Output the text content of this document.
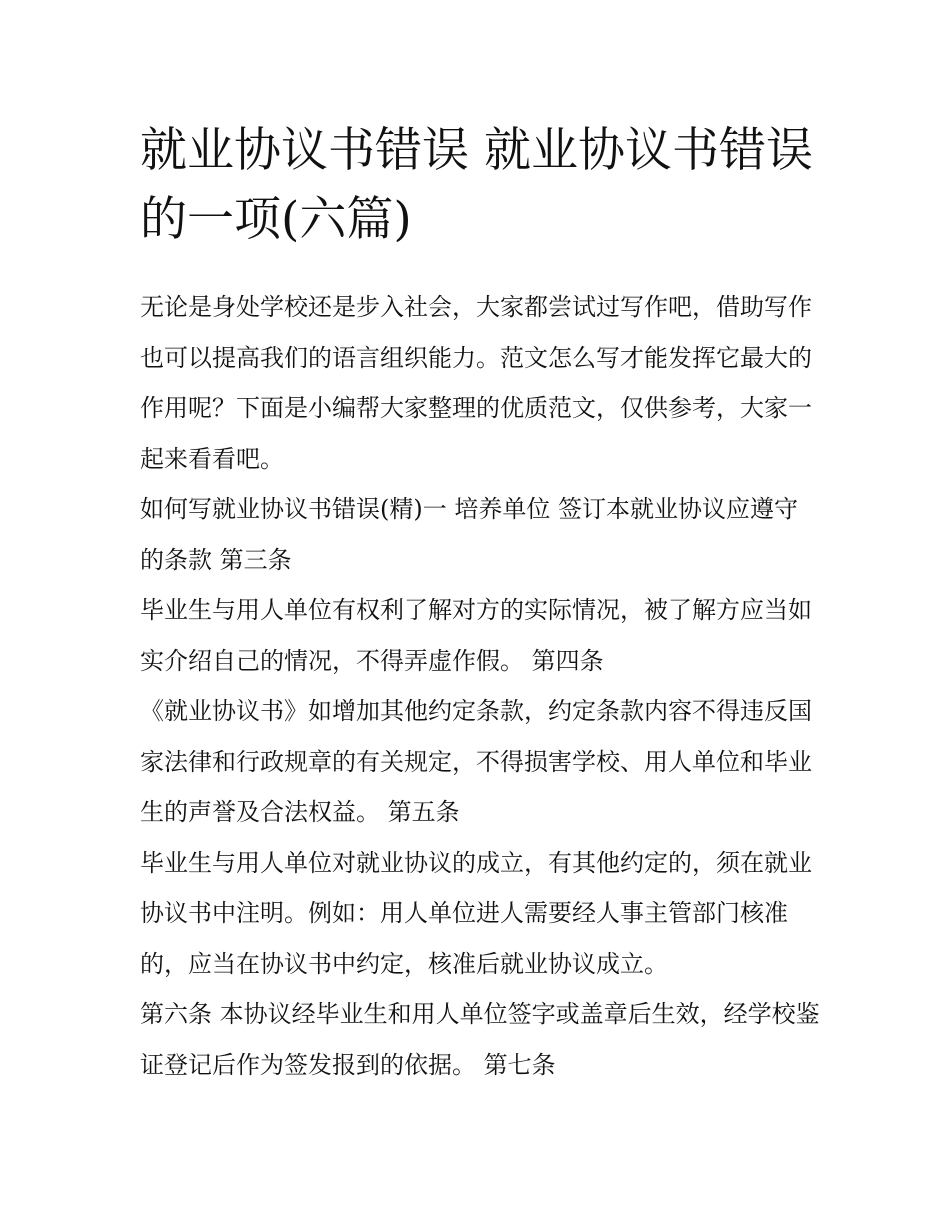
就业协议书错误 就业协议书错误的一项(六篇)

无论是身处学校还是步入社会，大家都尝试过写作吧，借助写作也可以提高我们的语言组织能力。范文怎么写才能发挥它最大的作用呢？下面是小编帮大家整理的优质范文，仅供参考，大家一起来看看吧。

如何写就业协议书错误(精)一 培养单位 签订本就业协议应遵守的条款 第三条

毕业生与用人单位有权利了解对方的实际情况，被了解方应当如实介绍自己的情况，不得弄虚作假。 第四条

《就业协议书》如增加其他约定条款，约定条款内容不得违反国家法律和行政规章的有关规定，不得损害学校、用人单位和毕业生的声誉及合法权益。 第五条

毕业生与用人单位对就业协议的成立，有其他约定的，须在就业协议书中注明。例如：用人单位进人需要经人事主管部门核准的，应当在协议书中约定，核准后就业协议成立。

第六条 本协议经毕业生和用人单位签字或盖章后生效，经学校鉴证登记后作为签发报到的依据。 第七条
